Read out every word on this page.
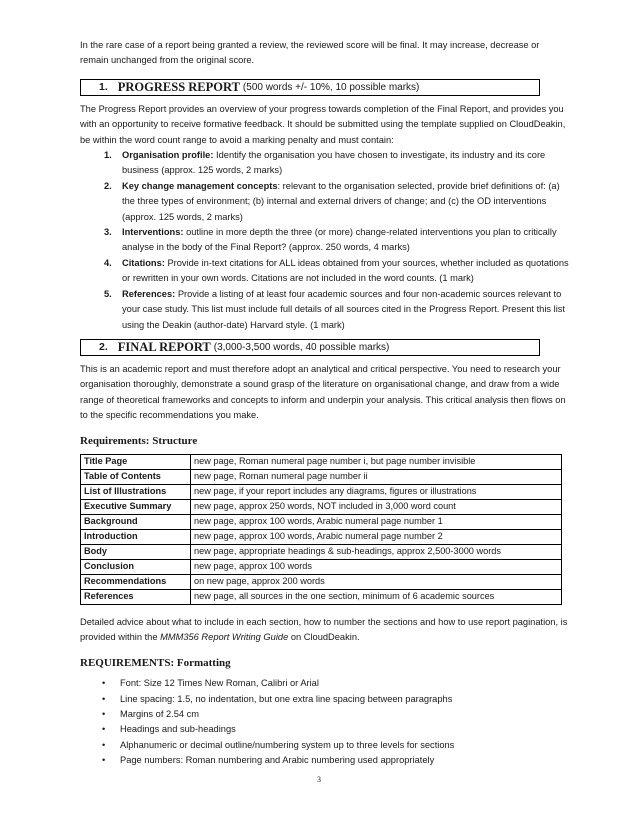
In the rare case of a report being granted a review, the reviewed score will be final. It may increase, decrease or remain unchanged from the original score.

1. PROGRESS REPORT (500 words +/- 10%, 10 possible marks)

The Progress Report provides an overview of your progress towards completion of the Final Report, and provides you with an opportunity to receive formative feedback. It should be submitted using the template supplied on CloudDeakin, be within the word count range to avoid a marking penalty and must contain:

1.	Organisation profile: Identify the organisation you have chosen to investigate, its industry and its core business (approx. 125 words, 2 marks)
2.	Key change management concepts: relevant to the organisation selected, provide brief definitions of: (a) the three types of environment; (b) internal and external drivers of change; and (c) the OD interventions (approx. 125 words, 2 marks)
3.	Interventions: outline in more depth the three (or more) change-related interventions you plan to critically analyse in the body of the Final Report? (approx. 250 words, 4 marks)
4.	Citations: Provide in-text citations for ALL ideas obtained from your sources, whether included as quotations or rewritten in your own words. Citations are not included in the word counts. (1 mark)
5.	References: Provide a listing of at least four academic sources and four non-academic sources relevant to your case study. This list must include full details of all sources cited in the Progress Report. Present this list using the Deakin (author-date) Harvard style. (1 mark)
2. FINAL REPORT (3,000-3,500 words, 40 possible marks)

This is an academic report and must therefore adopt an analytical and critical perspective. You need to research your organisation thoroughly, demonstrate a sound grasp of the literature on organisational change, and draw from a wide range of theoretical frameworks and concepts to inform and underpin your analysis. This critical analysis then flows on to the specific recommendations you make.

Requirements: Structure
Title Page	new page, Roman numeral page number i, but page number invisible
Table of Contents	new page, Roman numeral page number ii
List of Illustrations	new page, if your report includes any diagrams, figures or illustrations
Executive Summary	new page, approx 250 words, NOT included in 3,000 word count
Background	new page, approx 100 words, Arabic numeral page number 1
Introduction	new page, approx 100 words, Arabic numeral page number 2
Body	new page, appropriate headings & sub-headings, approx 2,500-3000 words
Conclusion	new page, approx 100 words
Recommendations	on new page, approx 200 words
References	new page, all sources in the one section, minimum of 6 academic sources

Detailed advice about what to include in each section, how to number the sections and how to use report pagination, is provided within the MMM356 Report Writing Guide on CloudDeakin.

REQUIREMENTS: Formatting
•	Font: Size 12 Times New Roman, Calibri or Arial
•	Line spacing: 1.5, no indentation, but one extra line spacing between paragraphs
•	Margins of 2.54 cm
•	Headings and sub-headings
•	Alphanumeric or decimal outline/numbering system up to three levels for sections
•	Page numbers: Roman numbering and Arabic numbering used appropriately
3
